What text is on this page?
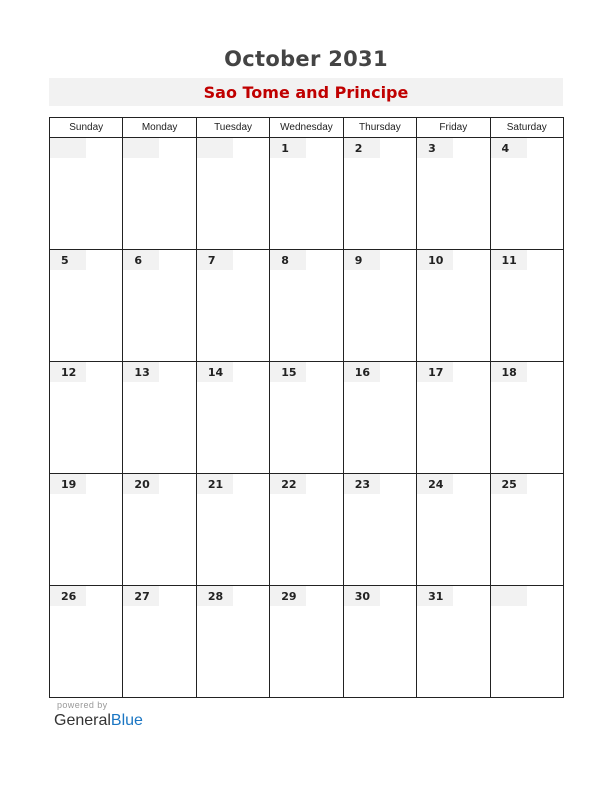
October 2031
Sao Tome and Principe
Sunday	Monday	Tuesday	Wednesday	Thursday	Friday	Saturday

			1	2	3	4

5	6	7	8	9	10	11

12	13	14	15	16	17	18

19	20	21	22	23	24	25

26	27	28	29	30	31	

powered by
GeneralBlue
